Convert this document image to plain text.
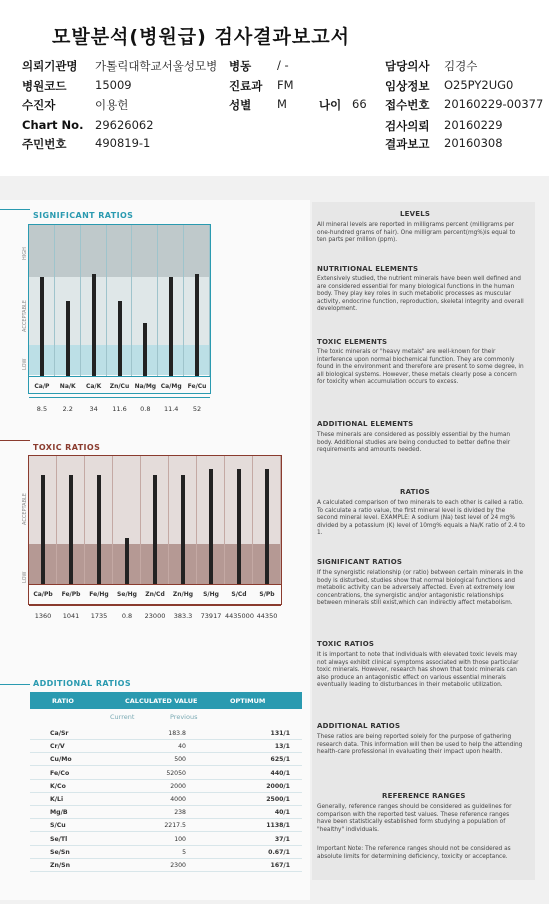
모발분석(병원급) 검사결과보고서
의뢰기관명 가톨릭대학교서울성모병 병동 / -	담당의사 김경수
병원코드 15009	진료과 FM	임상정보 O25PY2UG0
수진자	이용헌	성별 M	나이 66 접수번호 20160229-00377
Chart No. 29626062	검사의뢰 20160229
주민번호 490819-1	결과보고 20160308
SIGNIFICANT RATIOS
HIGH
ACCEPTABLE
LOW
Ca/P	Na/K	Ca/K	Zn/Cu Na/Mg Ca/Mg	Fe/Cu
8.5	2.2	34	11.6	0.8	11.4	52
TOXIC RATIOS
ACCEPTABLE
LOW
Ca/Pb	Fe/Pb	Fe/Hg	Se/Hg	Zn/Cd	Zn/Hg	S/Hg	S/Cd	S/Pb
1360	1041	1735	0.8	23000	383.3	73917 4435000 44350
ADDITIONAL RATIOS
RATIO	CALCULATED VALUE	OPTIMUM
Current	Previous
Ca/Sr	183.8	131/1
Cr/V	40	13/1
Cu/Mo	500	625/1
Fe/Co	52050	440/1
K/Co	2000	2000/1
K/Li	4000	2500/1
Mg/B	238	40/1
S/Cu	2217.5	1138/1
Se/Tl	100	37/1
Se/Sn	5	0.67/1
Zn/Sn	2300	167/1
LEVELS
All mineral levels are reported in milligrams percent (milligrams per one-hundred grams of hair). One milligram percent(mg%)is equal to ten parts per million (ppm).
NUTRITIONAL ELEMENTS
Extensively studied, the nutrient minerals have been well defined and are considered essential for many biological functions in the human body. They play key roles in such metabolic processes as muscular activity, endocrine function, reproduction, skeletal integrity and overall development.
TOXIC ELEMENTS
The toxic minerals or "heavy metals" are well-known for their interference upon normal biochemical function. They are commonly found in the environment and therefore are present to some degree, in all biological systems. However, these metals clearly pose a concern for toxicity when accumulation occurs to excess.
ADDITIONAL ELEMENTS
These minerals are considered as possibly essential by the human body. Additional studies are being conducted to better define their requirements and amounts needed.
RATIOS
A calculated comparison of two minerals to each other is called a ratio. To calculate a ratio value, the first mineral level is divided by the second mineral level. EXAMPLE: A sodium (Na) test level of 24 mg% divided by a potassium (K) level of 10mg% equals a Na/K ratio of 2.4 to 1.
SIGNIFICANT RATIOS
If the synergistic relationship (or ratio) between certain minerals in the body is disturbed, studies show that normal biological functions and metabolic activity can be adversely affected. Even at extremely low concentrations, the synergistic and/or antagonistic relationships between minerals still exist,which can indirectly affect metabolism.
TOXIC RATIOS
It is important to note that individuals with elevated toxic levels may not always exhibit clinical symptoms associated with those particular toxic minerals. However, research has shown that toxic minerals can also produce an antagonistic effect on various essential minerals eventually leading to disturbances in their metabolic utilization.
ADDITIONAL RATIOS
These ratios are being reported solely for the purpose of gathering research data. This information will then be used to help the attending health-care professional in evaluating their impact upon health.
REFERENCE RANGES
Generally, reference ranges should be considered as guidelines for comparison with the reported test values. These reference ranges have been statistically established form studying a population of "healthy" individuals.
Important Note: The reference ranges should not be considered as absolute limits for determining deficiency, toxicity or acceptance.
